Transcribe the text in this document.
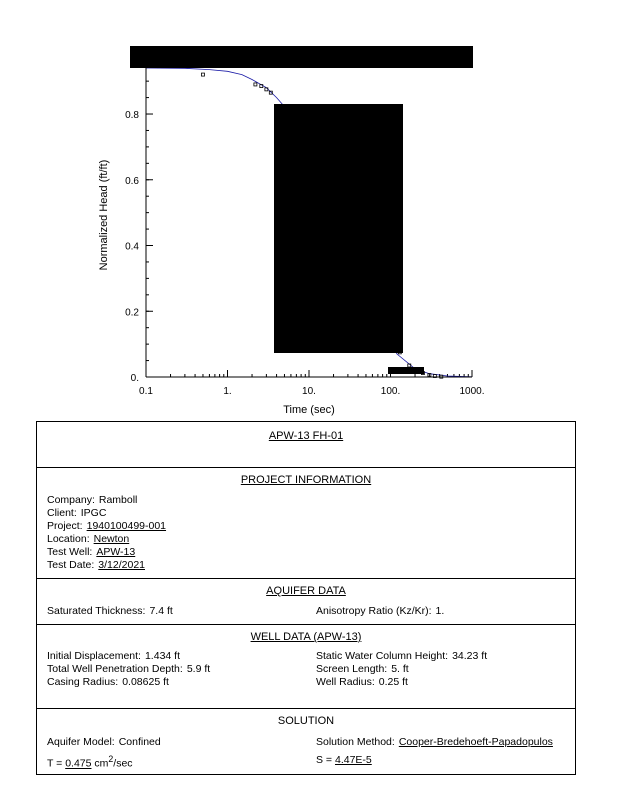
0.1	1.	10.	100.	1000.
0.
0.2
0.4
0.6
0.8
Time (sec)
Normalized Head (ft/ft)
APW-13 FH-01
PROJECT INFORMATION
Company: Ramboll
Client: IPGC
Project: 1940100499-001
Location: Newton
Test Well: APW-13
Test Date: 3/12/2021
AQUIFER DATA
Saturated Thickness: 7.4 ft	Anisotropy Ratio (Kz/Kr): 1.
WELL DATA (APW-13)
Initial Displacement: 1.434 ft	Static Water Column Height: 34.23 ft
Total Well Penetration Depth: 5.9 ft	Screen Length: 5. ft
Casing Radius: 0.08625 ft	Well Radius: 0.25 ft
SOLUTION
Aquifer Model: Confined	Solution Method: Cooper-Bredehoeft-Papadopulos
T = 0.475 $cm^2/\sec$	S = 4.47E-5
